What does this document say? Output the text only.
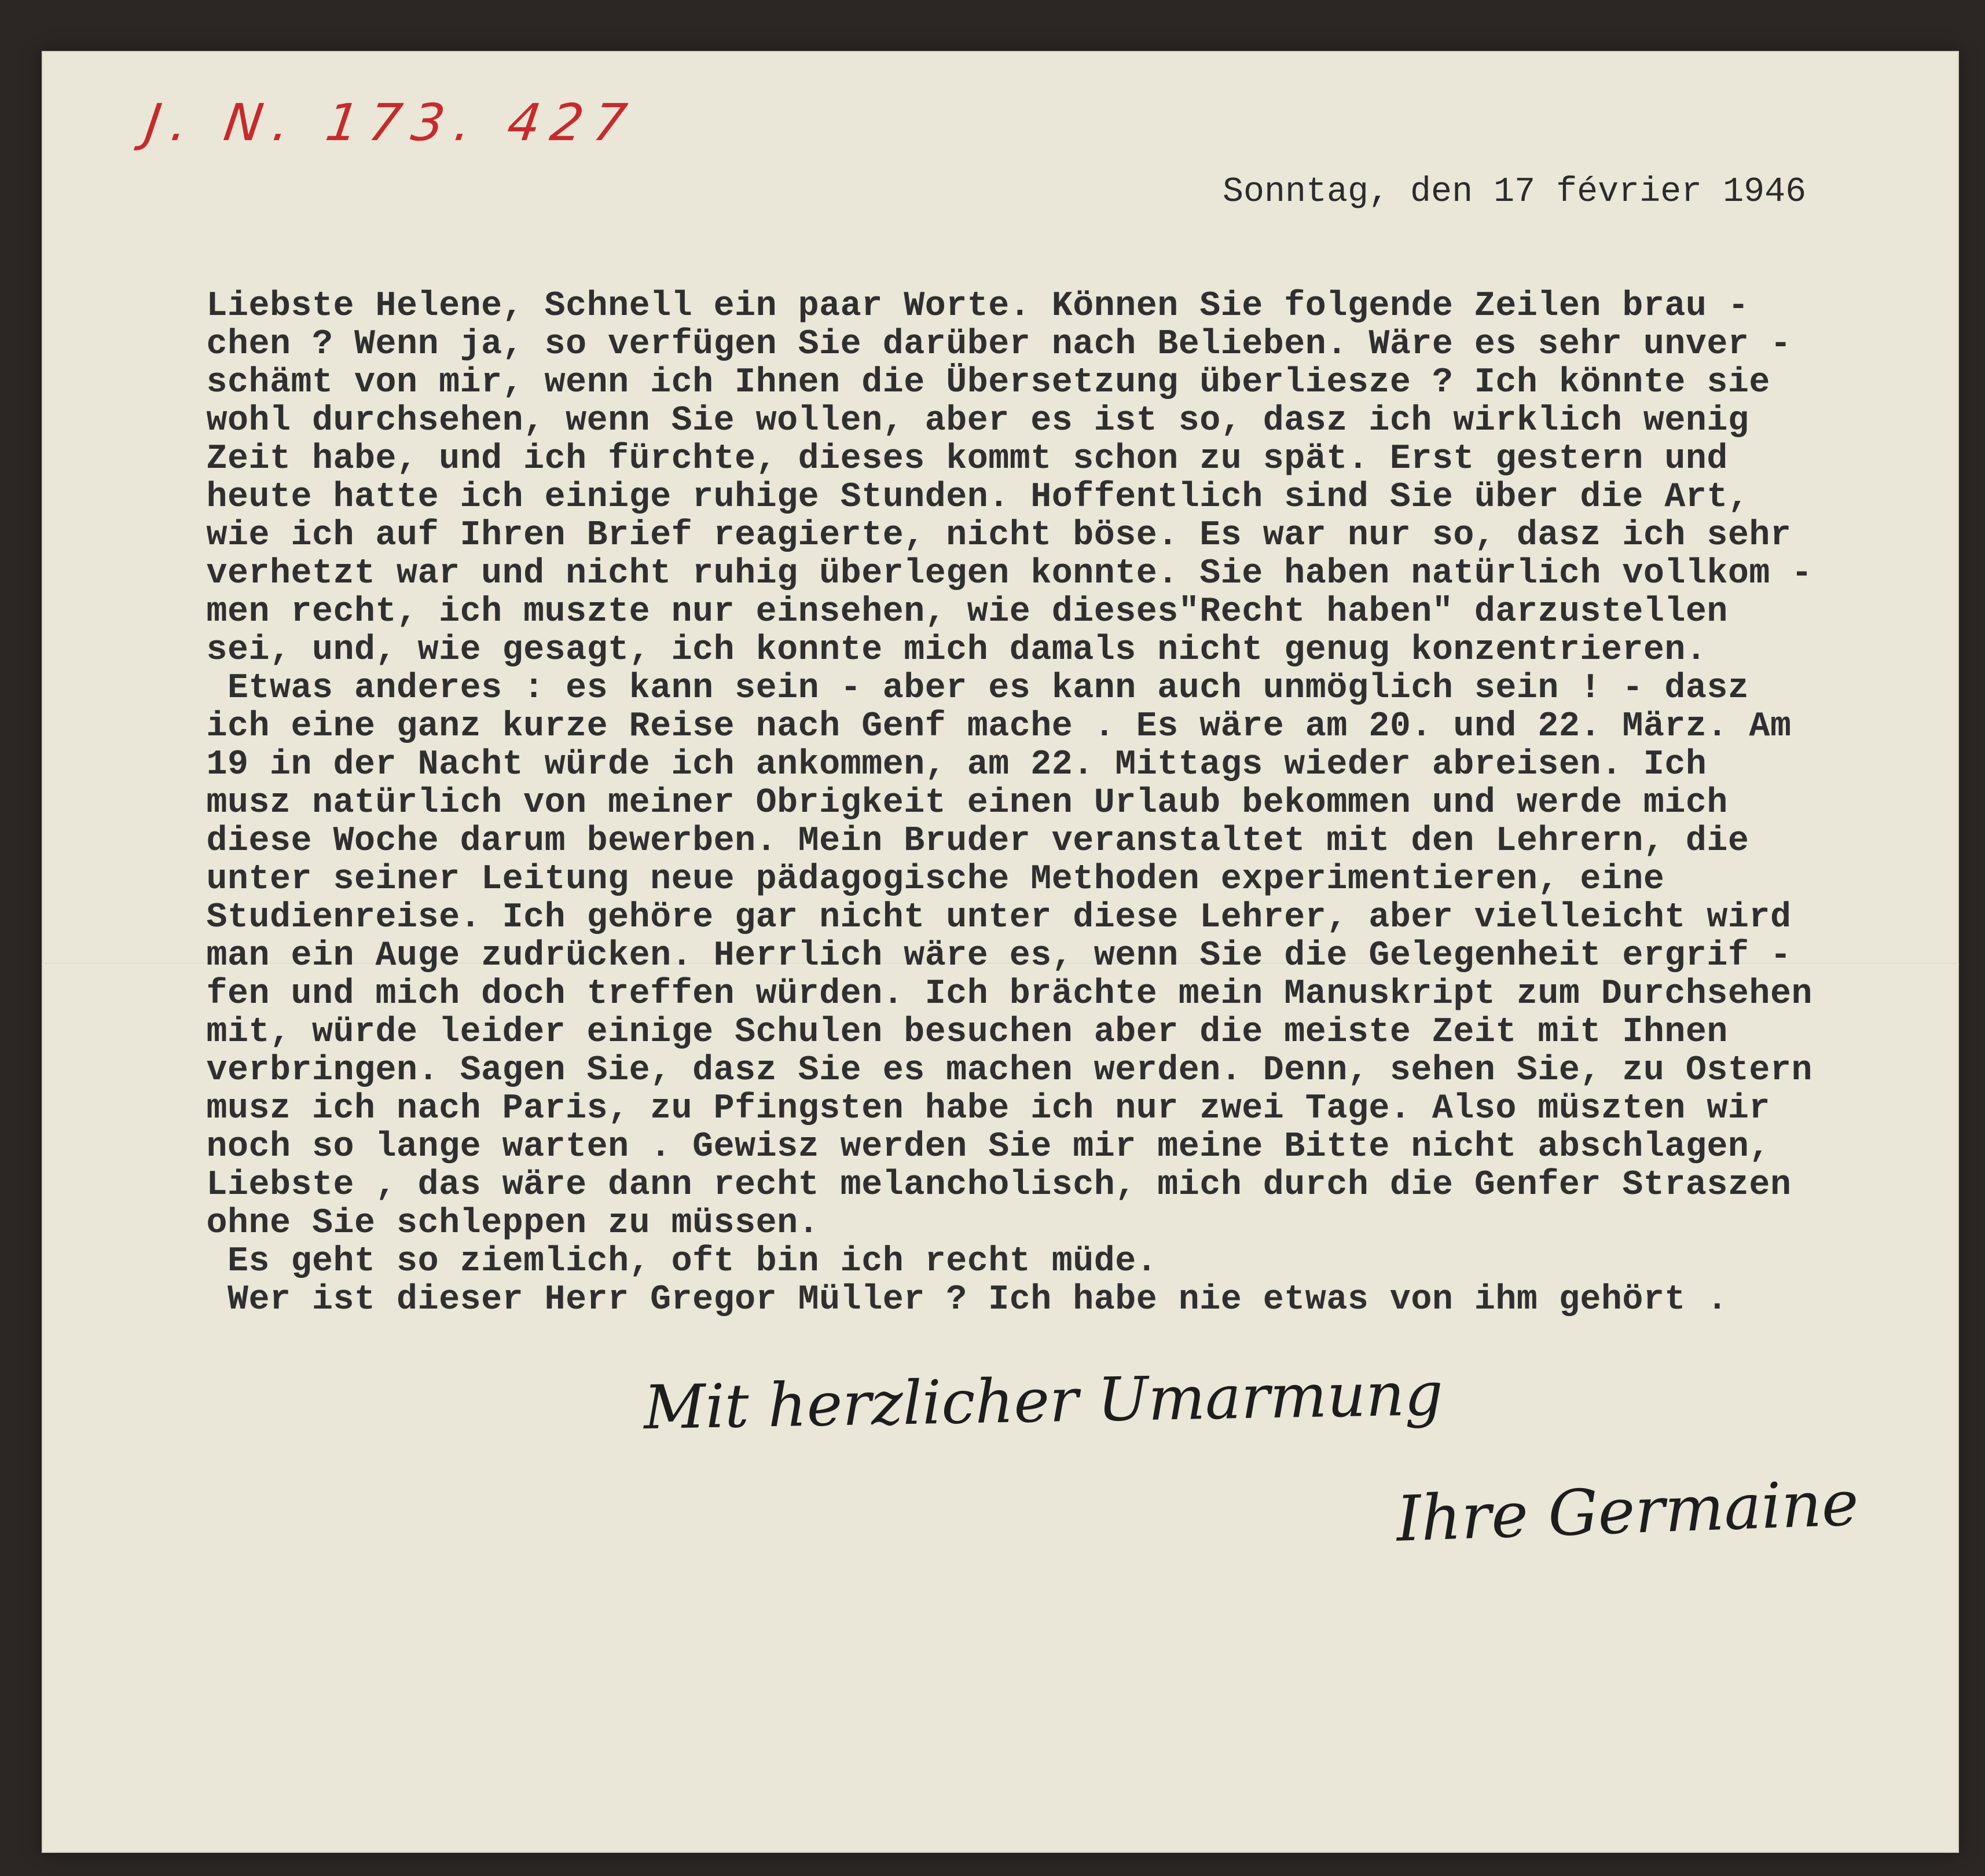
J. N. 173. 427
Sonntag, den 17 février 1946
Liebste Helene, Schnell ein paar Worte. Können Sie folgende Zeilen brau -
chen ? Wenn ja, so verfügen Sie darüber nach Belieben. Wäre es sehr unver -
schämt von mir, wenn ich Ihnen die Übersetzung überliesze ? Ich könnte sie
wohl durchsehen, wenn Sie wollen, aber es ist so, dasz ich wirklich wenig
Zeit habe, und ich fürchte, dieses kommt schon zu spät. Erst gestern und
heute hatte ich einige ruhige Stunden. Hoffentlich sind Sie über die Art,
wie ich auf Ihren Brief reagierte, nicht böse. Es war nur so, dasz ich sehr
verhetzt war und nicht ruhig überlegen konnte. Sie haben natürlich vollkom -
men recht, ich muszte nur einsehen, wie dieses"Recht haben" darzustellen
sei, und, wie gesagt, ich konnte mich damals nicht genug konzentrieren.
Etwas anderes : es kann sein - aber es kann auch unmöglich sein ! - dasz
ich eine ganz kurze Reise nach Genf mache . Es wäre am 20. und 22. März. Am
19 in der Nacht würde ich ankommen, am 22. Mittags wieder abreisen. Ich
musz natürlich von meiner Obrigkeit einen Urlaub bekommen und werde mich
diese Woche darum bewerben. Mein Bruder veranstaltet mit den Lehrern, die
unter seiner Leitung neue pädagogische Methoden experimentieren, eine
Studienreise. Ich gehöre gar nicht unter diese Lehrer, aber vielleicht wird
man ein Auge zudrücken. Herrlich wäre es, wenn Sie die Gelegenheit ergrif -
fen und mich doch treffen würden. Ich brächte mein Manuskript zum Durchsehen
mit, würde leider einige Schulen besuchen aber die meiste Zeit mit Ihnen
verbringen. Sagen Sie, dasz Sie es machen werden. Denn, sehen Sie, zu Ostern
musz ich nach Paris, zu Pfingsten habe ich nur zwei Tage. Also müszten wir
noch so lange warten . Gewisz werden Sie mir meine Bitte nicht abschlagen,
Liebste , das wäre dann recht melancholisch, mich durch die Genfer Straszen
ohne Sie schleppen zu müssen.
Es geht so ziemlich, oft bin ich recht müde.
Wer ist dieser Herr Gregor Müller ? Ich habe nie etwas von ihm gehört .
Mit herzlicher Umarmung
Ihre Germaine
